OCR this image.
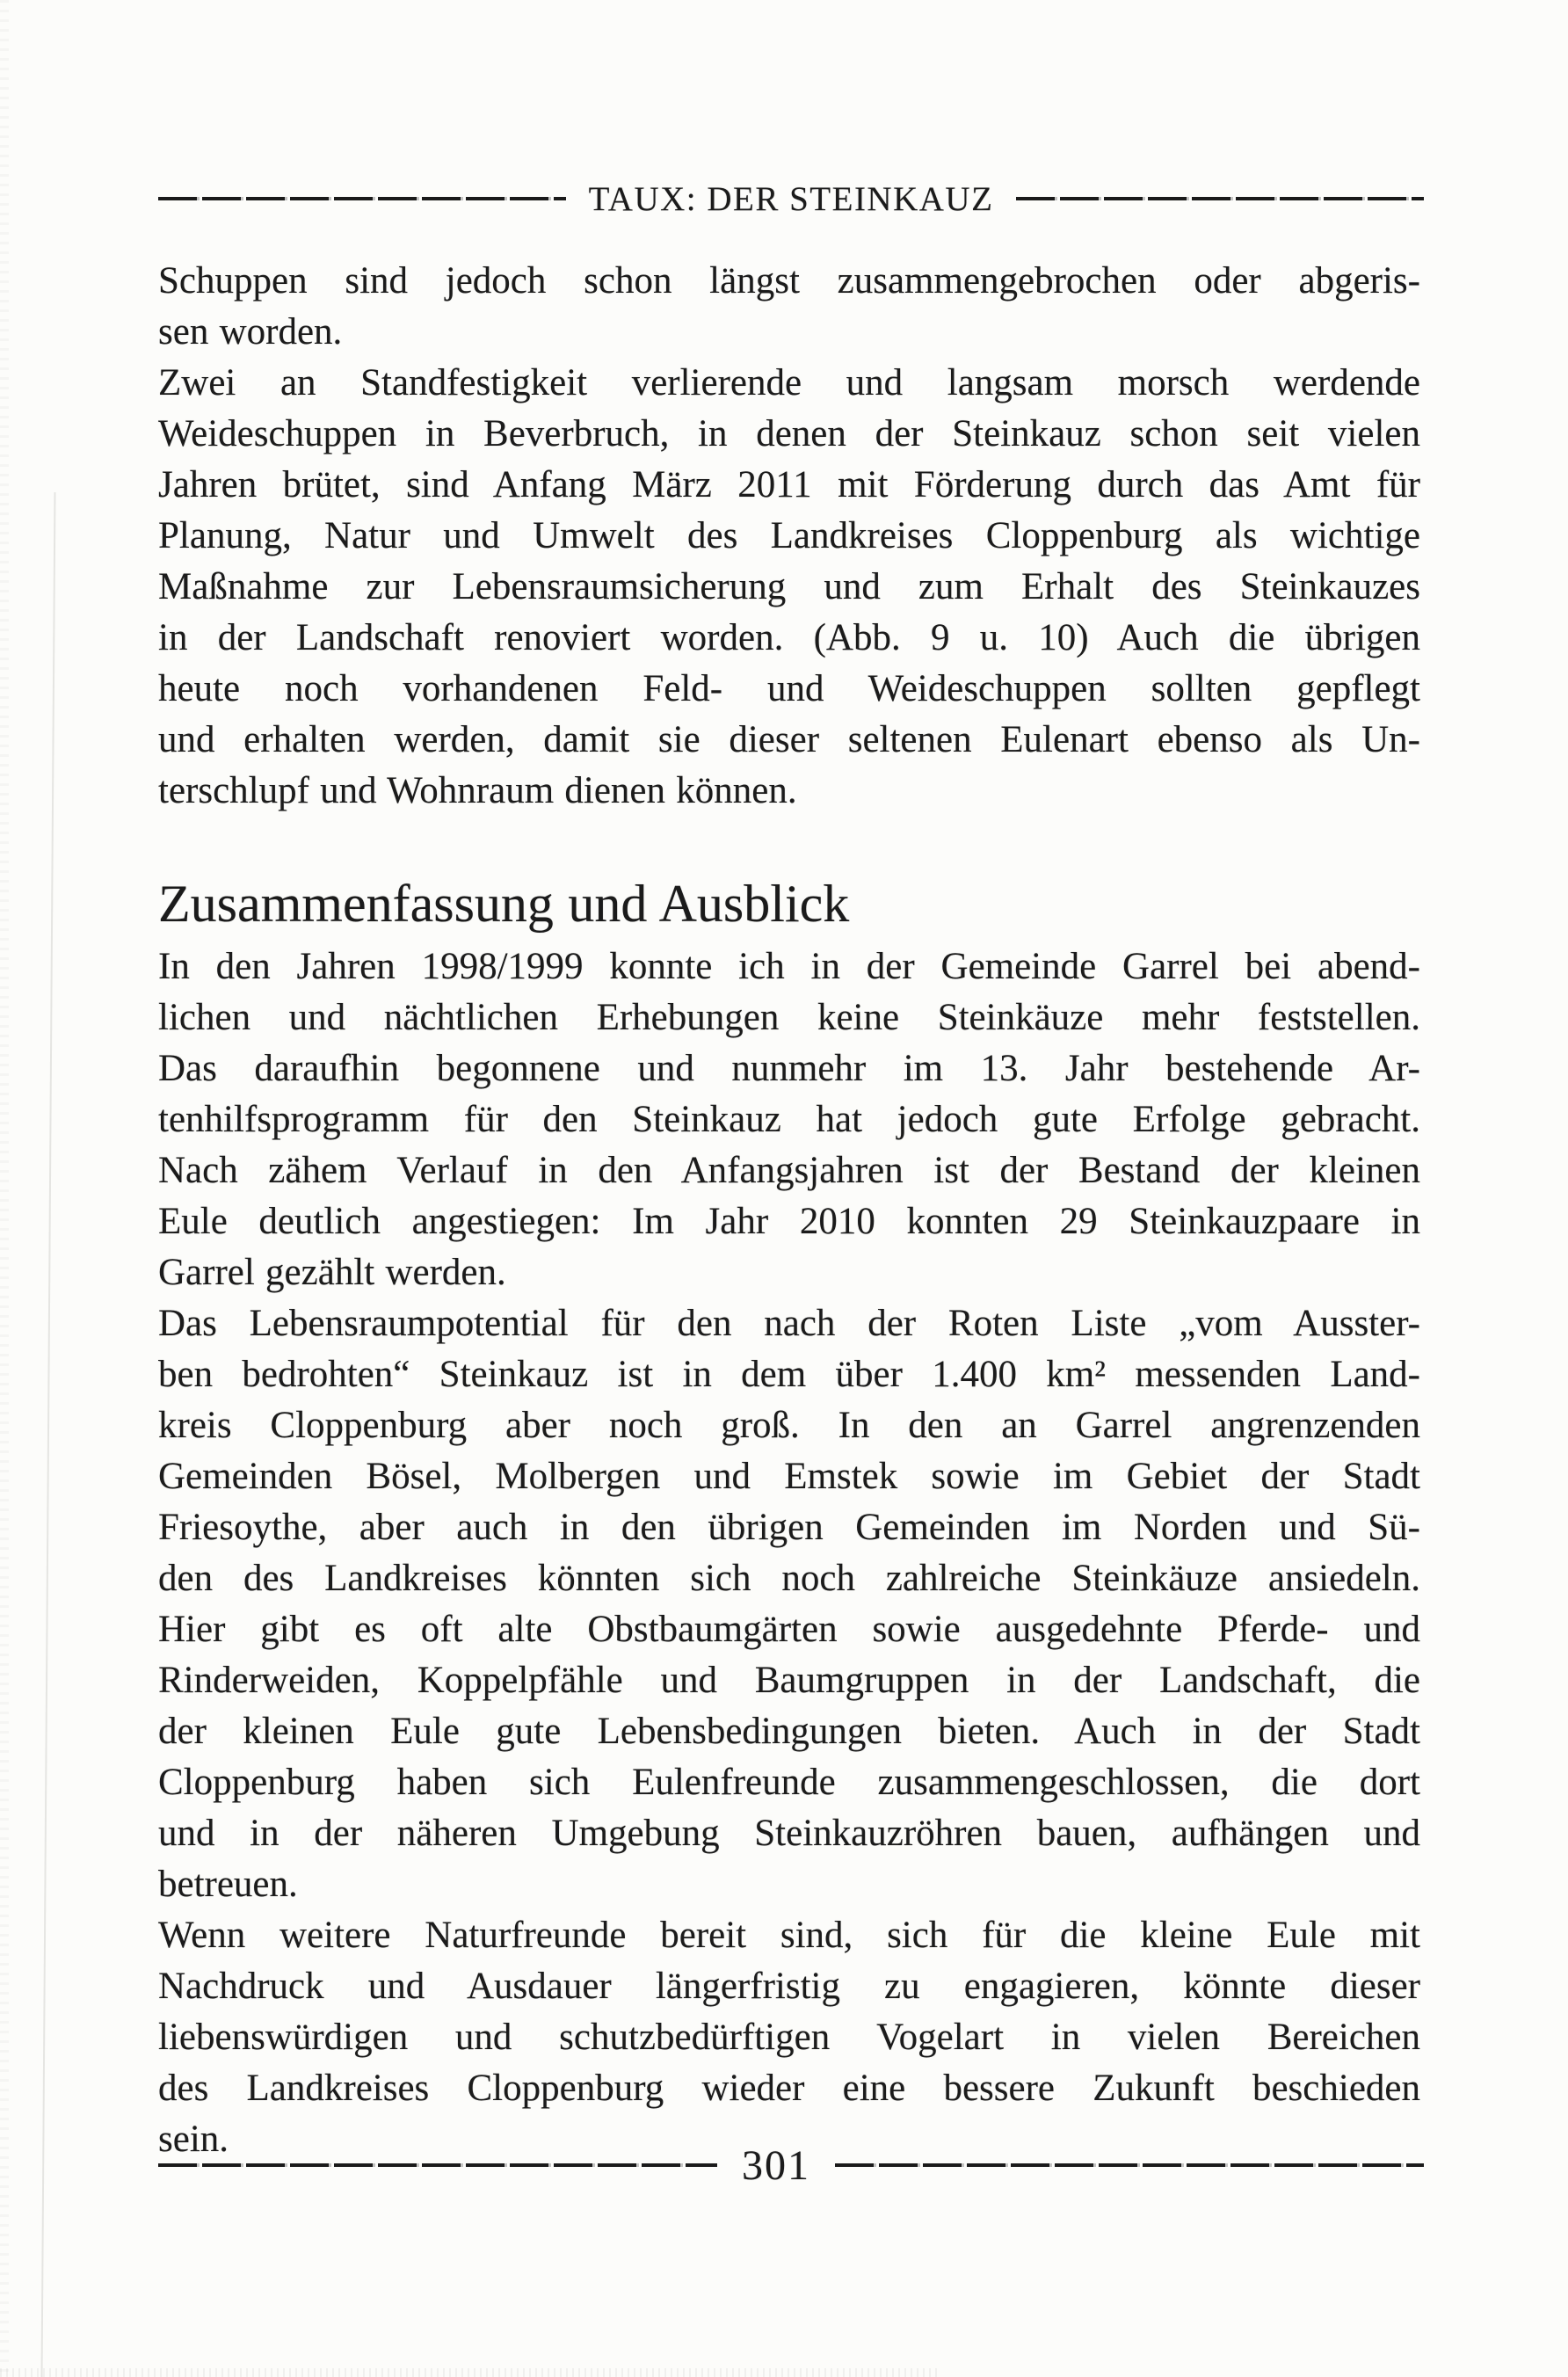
TAUX: DER STEINKAUZ
Schuppen sind jedoch schon längst zusammengebrochen oder abgeris-
sen worden.
Zwei an Standfestigkeit verlierende und langsam morsch werdende
Weideschuppen in Beverbruch, in denen der Steinkauz schon seit vielen
Jahren brütet, sind Anfang März 2011 mit Förderung durch das Amt für
Planung, Natur und Umwelt des Landkreises Cloppenburg als wichtige
Maßnahme zur Lebensraumsicherung und zum Erhalt des Steinkauzes
in der Landschaft renoviert worden. (Abb. 9 u. 10) Auch die übrigen
heute noch vorhandenen Feld- und Weideschuppen sollten gepflegt
und erhalten werden, damit sie dieser seltenen Eulenart ebenso als Un-
terschlupf und Wohnraum dienen können.
Zusammenfassung und Ausblick
In den Jahren 1998/1999 konnte ich in der Gemeinde Garrel bei abend-
lichen und nächtlichen Erhebungen keine Steinkäuze mehr feststellen.
Das daraufhin begonnene und nunmehr im 13. Jahr bestehende Ar-
tenhilfsprogramm für den Steinkauz hat jedoch gute Erfolge gebracht.
Nach zähem Verlauf in den Anfangsjahren ist der Bestand der kleinen
Eule deutlich angestiegen: Im Jahr 2010 konnten 29 Steinkauzpaare in
Garrel gezählt werden.
Das Lebensraumpotential für den nach der Roten Liste „vom Ausster-
ben bedrohten“ Steinkauz ist in dem über 1.400 km² messenden Land-
kreis Cloppenburg aber noch groß. In den an Garrel angrenzenden
Gemeinden Bösel, Molbergen und Emstek sowie im Gebiet der Stadt
Friesoythe, aber auch in den übrigen Gemeinden im Norden und Sü-
den des Landkreises könnten sich noch zahlreiche Steinkäuze ansiedeln.
Hier gibt es oft alte Obstbaumgärten sowie ausgedehnte Pferde- und
Rinderweiden, Koppelpfähle und Baumgruppen in der Landschaft, die
der kleinen Eule gute Lebensbedingungen bieten. Auch in der Stadt
Cloppenburg haben sich Eulenfreunde zusammengeschlossen, die dort
und in der näheren Umgebung Steinkauzröhren bauen, aufhängen und
betreuen.
Wenn weitere Naturfreunde bereit sind, sich für die kleine Eule mit
Nachdruck und Ausdauer längerfristig zu engagieren, könnte dieser
liebenswürdigen und schutzbedürftigen Vogelart in vielen Bereichen
des Landkreises Cloppenburg wieder eine bessere Zukunft beschieden
sein.
301
